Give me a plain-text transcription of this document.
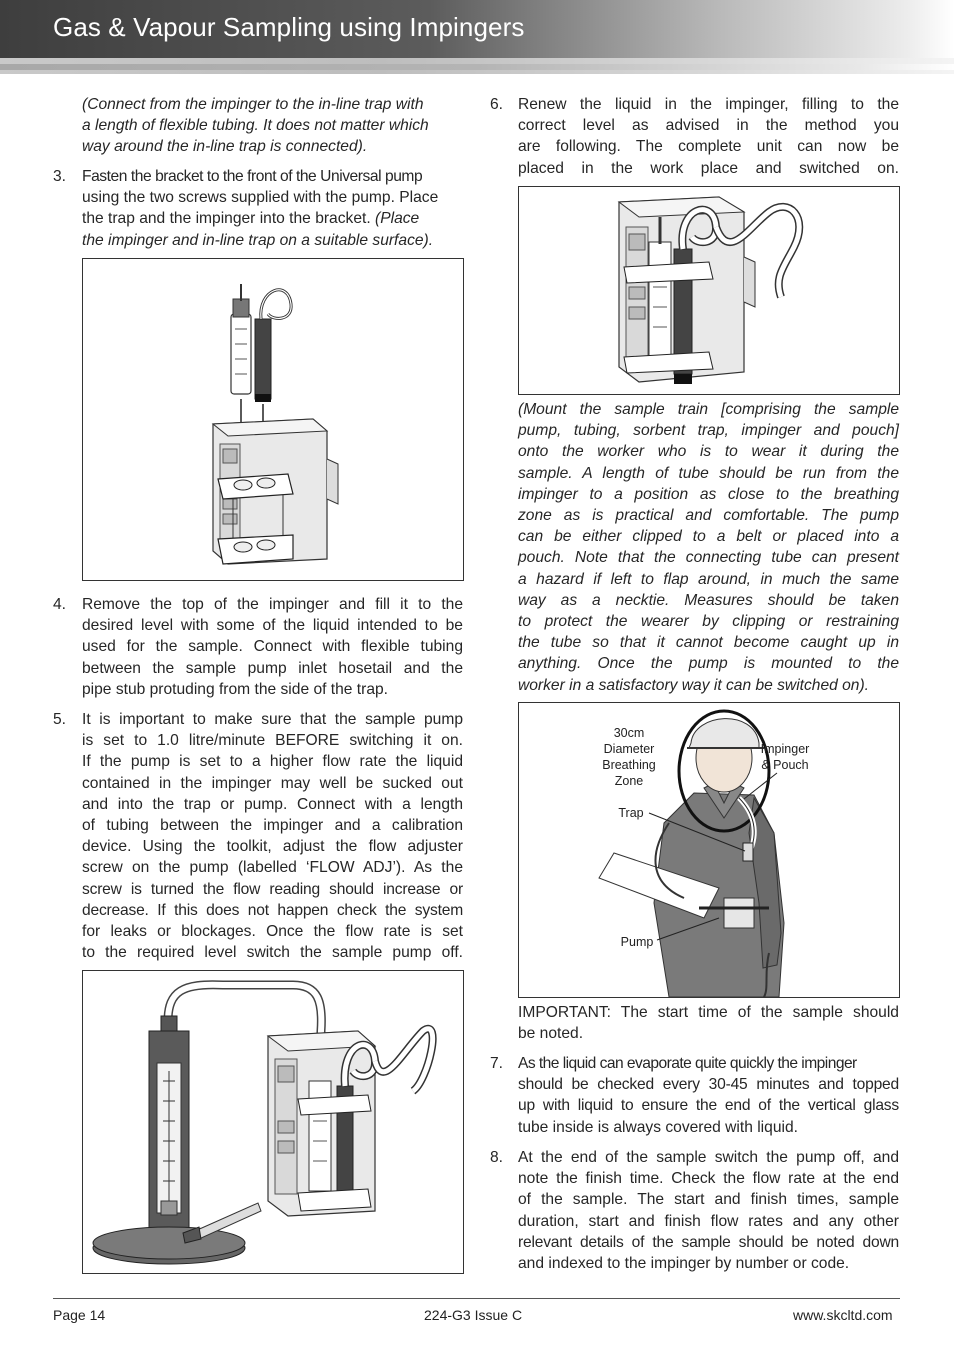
Gas & Vapour Sampling using Impingers
(Connect from the impinger to the in-line trap with
a length of flexible tubing. It does not matter which
way around the in-line trap is connected).
3. Fasten the bracket to the front of the Universal pump
using the two screws supplied with the pump. Place
the trap and the impinger into the bracket. (Place
the impinger and in-line trap on a suitable surface).
4. Remove the top of the impinger and fill it to the
desired level with some of the liquid intended to be
used for the sample. Connect with flexible tubing
between the sample pump inlet hosetail and the
pipe stub protuding from the side of the trap.
5. It is important to make sure that the sample pump
is set to 1.0 litre/minute BEFORE switching it on.
If the pump is set to a higher flow rate the liquid
contained in the impinger may well be sucked out
and into the trap or pump. Connect with a length
of tubing between the impinger and a calibration
device. Using the toolkit, adjust the flow adjuster
screw on the pump (labelled ‘FLOW ADJ’). As the
screw is turned the flow reading should increase or
decrease. If this does not happen check the system
for leaks or blockages. Once the flow rate is set
to the required level switch the sample pump off.
6. Renew the liquid in the impinger, filling to the
correct level as advised in the method you
are following. The complete unit can now be
placed in the work place and switched on.
(Mount the sample train [comprising the sample
pump, tubing, sorbent trap, impinger and pouch]
onto the worker who is to wear it during the
sample. A length of tube should be run from the
impinger to a position as close to the breathing
zone as is practical and comfortable. The pump
can be either clipped to a belt or placed into a
pouch. Note that the connecting tube can present
a hazard if left to flap around, in much the same
way as a necktie. Measures should be taken
to protect the wearer by clipping or restraining
the tube so that it cannot become caught up in
anything. Once the pump is mounted to the
worker in a satisfactory way it can be switched on).
30cm
Diameter
Breathing
Zone
Impinger
& Pouch
Trap
Pump
IMPORTANT: The start time of the sample should
be noted.
7. As the liquid can evaporate quite quickly the impinger
should be checked every 30-45 minutes and topped
up with liquid to ensure the end of the vertical glass
tube inside is always covered with liquid.
8. At the end of the sample switch the pump off, and
note the finish time. Check the flow rate at the end
of the sample. The start and finish times, sample
duration, start and finish flow rates and any other
relevant details of the sample should be noted down
and indexed to the impinger by number or code.
Page 14	224-G3 Issue C	www.skcltd.com
